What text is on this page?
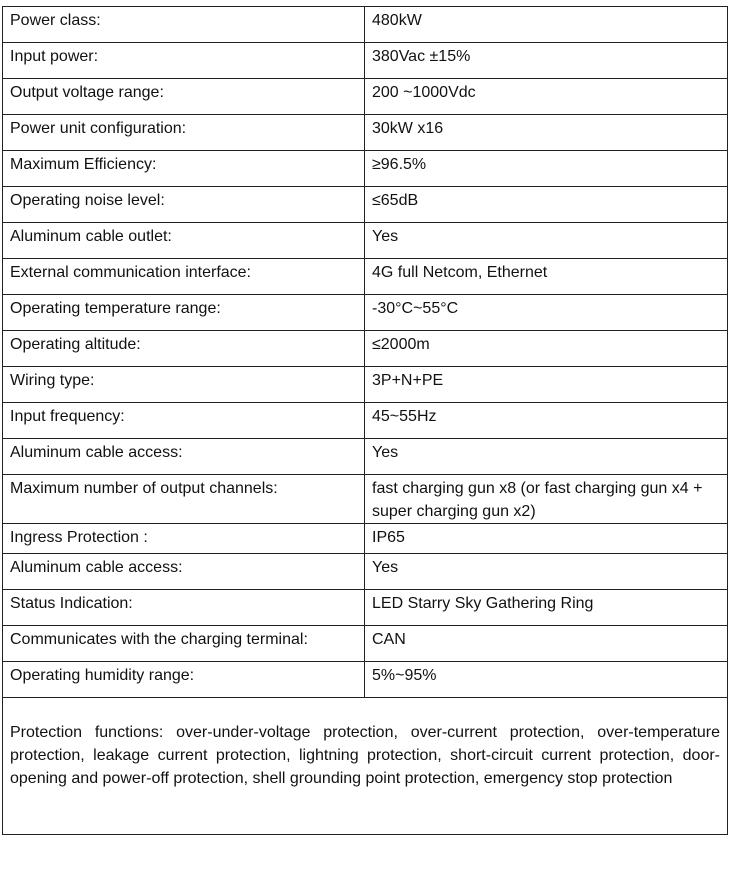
Power class:	480kW
Input power:	380Vac ±15%
Output voltage range:	200 ~1000Vdc
Power unit configuration:	30kW x16
Maximum Efficiency:	≥96.5%
Operating noise level:	≤65dB
Aluminum cable outlet:	Yes
External communication interface:	4G full Netcom, Ethernet
Operating temperature range:	-30°C~55°C
Operating altitude:	≤2000m
Wiring type:	3P+N+PE
Input frequency:	45~55Hz
Aluminum cable access:	Yes
Maximum number of output channels:	fast charging gun x8 (or fast charging gun x4 + super charging gun x2)
Ingress Protection :	IP65
Aluminum cable access:	Yes
Status Indication:	LED Starry Sky Gathering Ring
Communicates with the charging terminal:	CAN
Operating humidity range:	5%~95%
Protection functions: over-under-voltage protection, over-current protection, over-temperature protection, leakage current protection, lightning protection, short-circuit current protection, door-opening and power-off protection, shell grounding point protection, emergency stop protection	
